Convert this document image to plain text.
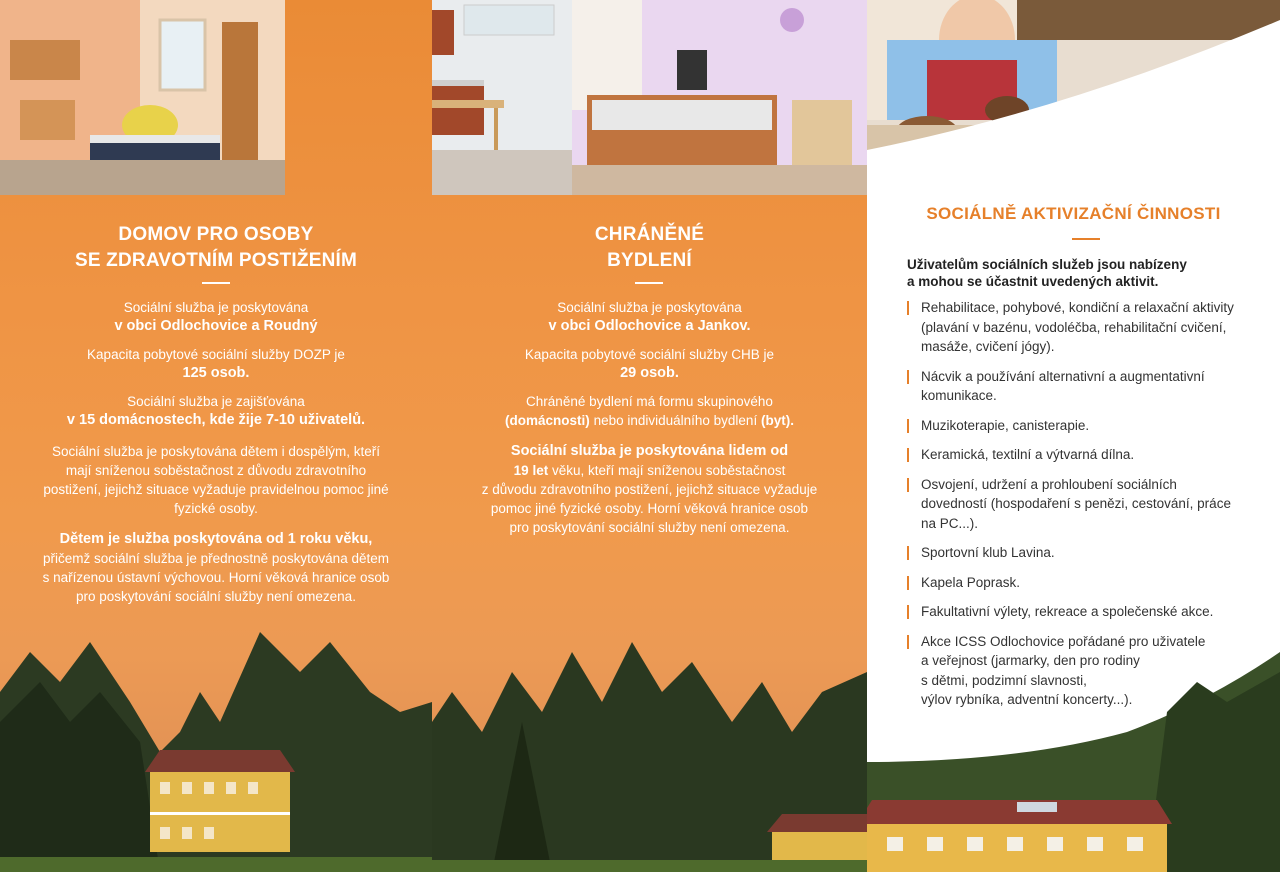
DOMOV PRO OSOBY
SE ZDRAVOTNÍM POSTIŽENÍM
Sociální služba je poskytována
v obci Odlochovice a Roudný
Kapacita pobytové sociální služby DOZP je
125 osob.
Sociální služba je zajišťována
v 15 domácnostech, kde žije 7-10 uživatelů.
Sociální služba je poskytována dětem i dospělým, kteří
mají sníženou soběstačnost z důvodu zdravotního
postižení, jejichž situace vyžaduje pravidelnou pomoc jiné
fyzické osoby.
Dětem je služba poskytována od 1 roku věku,
přičemž sociální služba je přednostně poskytována dětem
s nařízenou ústavní výchovou. Horní věková hranice osob
pro poskytování sociální služby není omezena.
CHRÁNĚNÉ
BYDLENÍ
Sociální služba je poskytována
v obci Odlochovice a Jankov.
Kapacita pobytové sociální služby CHB je
29 osob.
Chráněné bydlení má formu skupinového
(domácnosti) nebo individuálního bydlení (byt).
Sociální služba je poskytována lidem od
19 let věku, kteří mají sníženou soběstačnost
z důvodu zdravotního postižení, jejichž situace vyžaduje
pomoc jiné fyzické osoby. Horní věková hranice osob
pro poskytování sociální služby není omezena.
SOCIÁLNĚ AKTIVIZAČNÍ ČINNOSTI
Uživatelům sociálních služeb jsou nabízeny
a mohou se účastnit uvedených aktivit.
Rehabilitace, pohybové, kondiční a relaxační aktivity
(plavání v bazénu, vodoléčba, rehabilitační cvičení,
masáže, cvičení jógy).
Nácvik a používání alternativní a augmentativní
komunikace.
Muzikoterapie, canisterapie.
Keramická, textilní a výtvarná dílna.
Osvojení, udržení a prohloubení sociálních
dovedností (hospodaření s penězi, cestování, práce
na PC...).
Sportovní klub Lavina.
Kapela Poprask.
Fakultativní výlety, rekreace a společenské akce.
Akce ICSS Odlochovice pořádané pro uživatele
a veřejnost (jarmarky, den pro rodiny
s dětmi, podzimní slavnosti,
výlov rybníka, adventní koncerty...).
